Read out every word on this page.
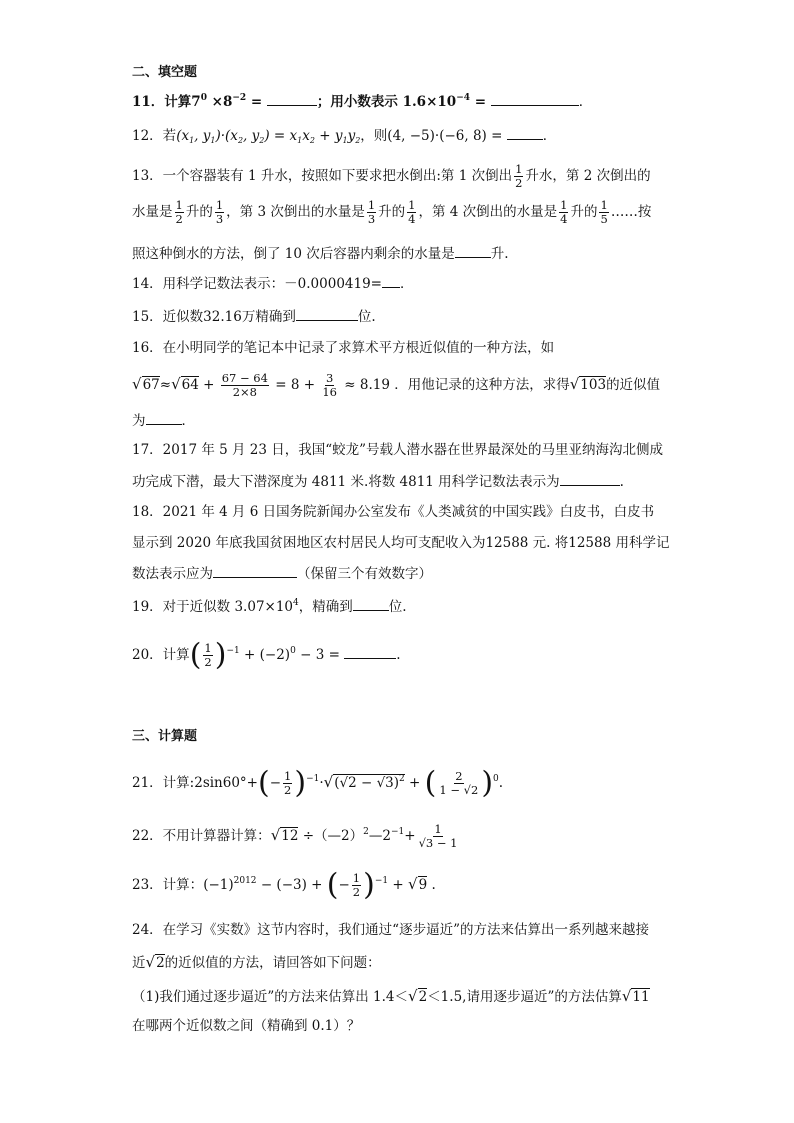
二、填空题
11．计算$7^0 \times 8^{-2}$ =	；用小数表示 $1.6\times 10^{-4}$ =	．
12．若($x_1$, $y_1)\cdot(x_2$, $y_2) = x_1x_2 + y_1y_2$，则(4, −5)·(−6, 8) =	．
13．一个容器装有 1 升水，按照如下要求把水倒出:第 1 次倒出 $\frac{1}{2}$ 升水，第 2 次倒出的
水量是 $\frac{1}{2}$ 升的 $\frac{1}{3}$ ，第 3 次倒出的水量是 $\frac{1}{3}$ 升的 $\frac{1}{4}$ ，第 4 次倒出的水量是 $\frac{1}{4}$ 升的 $\frac{1}{5}$ ……按
照这种倒水的方法，倒了 10 次后容器内剩余的水量是	升.
14．用科学记数法表示：－0.0000419= ．
15．近似数32.16万精确到	位.
16．在小明同学的笔记本中记录了求算术平方根近似值的一种方法，如
$√67\approx√64 + \frac{67 - 64}{2\times 8} = 8 + \frac{3}{16} \approx 8.19$ ．用他记录的这种方法，求得√103的近似值
为	．
17．2017 年 5 月 23 日，我国“蛟龙”号载人潜水器在世界最深处的马里亚纳海沟北侧成
功完成下潜，最大下潜深度为 4811 米.将数 4811 用科学记数法表示为	.
18．2021 年 4 月 6 日国务院新闻办公室发布《人类减贫的中国实践》白皮书，白皮书
显示到 2020 年底我国贫困地区农村居民人均可支配收入为12588 元. 将12588 用科学记
数法表示应为	（保留三个有效数字）
19．对于近似数 $3.07\times 10^4$，精确到	位.
20．计算( $\frac{1}{2} )^{-1} + (-2)^0 - 3$ =	.
三、计算题
21．计算:2sin60°+(− $\frac{1}{2} )^{-1}\cdot√(√2 - √3)^2$ + ( $\frac{2}{1 - √2} )^0$.
22．不用计算器计算：$√12 \div(—2)^2—2^{-1}+ \frac{1}{√3 - 1}$
23．计算：$(-1)^{2012} - (-3)$ + (− $\frac{1}{2} )^{-1} + √9$ .
24．在学习《实数》这节内容时，我们通过“逐步逼近”的方法来估算出一系列越来越接
近√2的近似值的方法，请回答如下问题：
（1)我们通过逐步逼近”的方法来估算出 1.4＜√2＜1.5,请用逐步逼近”的方法估算√11
在哪两个近似数之间（精确到 0.1）？
